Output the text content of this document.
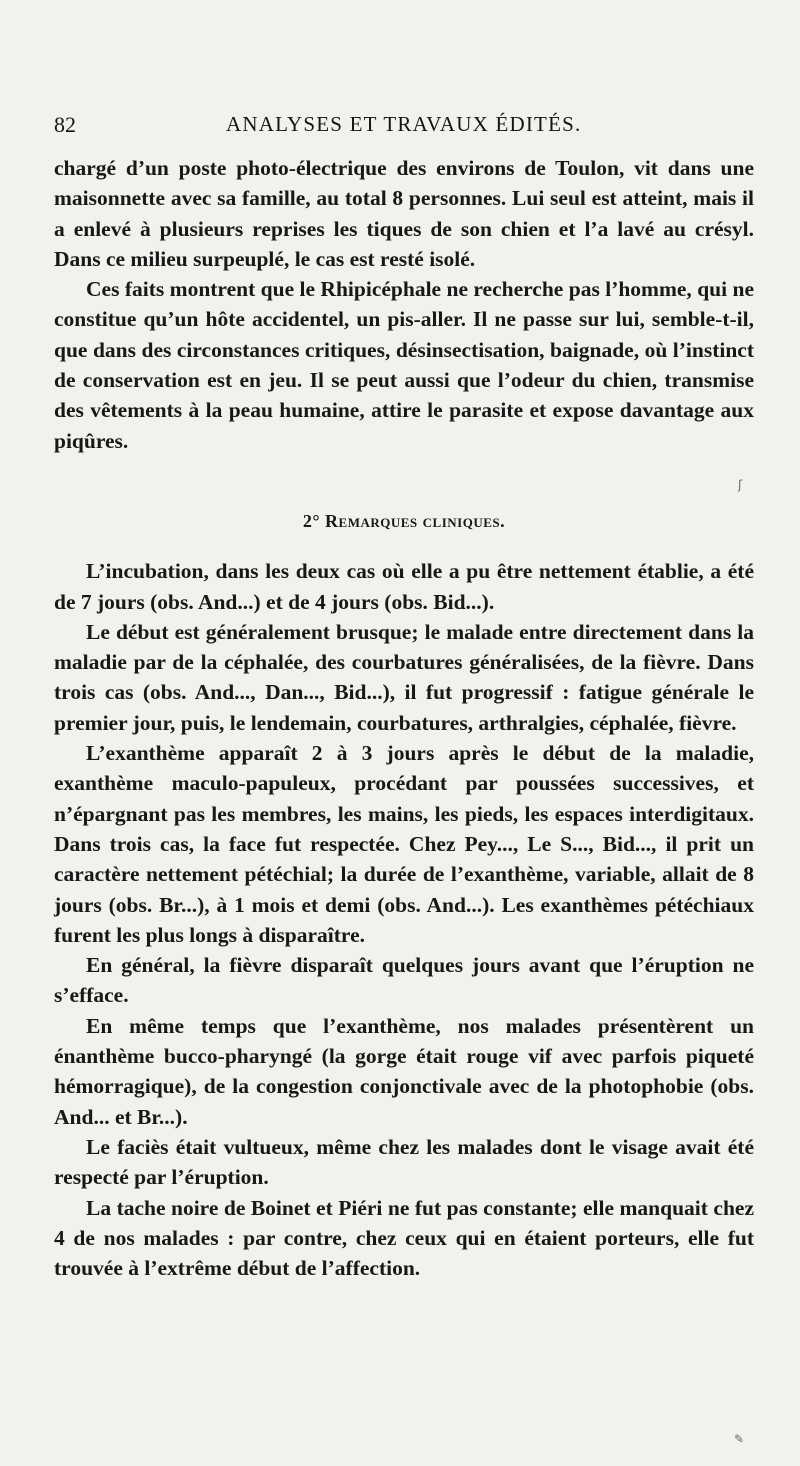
82	ANALYSES ET TRAVAUX ÉDITÉS.

chargé d’un poste photo-électrique des environs de Toulon, vit dans une maisonnette avec sa famille, au total 8 personnes. Lui seul est atteint, mais il a enlevé à plusieurs reprises les tiques de son chien et l’a lavé au crésyl. Dans ce milieu surpeuplé, le cas est resté isolé.

Ces faits montrent que le Rhipicéphale ne recherche pas l’homme, qui ne constitue qu’un hôte accidentel, un pis-aller. Il ne passe sur lui, semble-t-il, que dans des circonstances critiques, désinsectisation, baignade, où l’instinct de conservation est en jeu. Il se peut aussi que l’odeur du chien, transmise des vêtements à la peau humaine, attire le parasite et expose davantage aux piqûres.

2° Remarques cliniques.

L’incubation, dans les deux cas où elle a pu être nettement établie, a été de 7 jours (obs. And...) et de 4 jours (obs. Bid...).

Le début est généralement brusque; le malade entre directement dans la maladie par de la céphalée, des courbatures généralisées, de la fièvre. Dans trois cas (obs. And..., Dan..., Bid...), il fut progressif : fatigue générale le premier jour, puis, le lendemain, courbatures, arthralgies, céphalée, fièvre.

L’exanthème apparaît 2 à 3 jours après le début de la maladie, exanthème maculo-papuleux, procédant par poussées successives, et n’épargnant pas les membres, les mains, les pieds, les espaces interdigitaux. Dans trois cas, la face fut respectée. Chez Pey..., Le S..., Bid..., il prit un caractère nettement pétéchial; la durée de l’exanthème, variable, allait de 8 jours (obs. Br...), à 1 mois et demi (obs. And...). Les exanthèmes pétéchiaux furent les plus longs à disparaître.

En général, la fièvre disparaît quelques jours avant que l’éruption ne s’efface.

En même temps que l’exanthème, nos malades présentèrent un énanthème bucco-pharyngé (la gorge était rouge vif avec parfois piqueté hémorragique), de la congestion conjonctivale avec de la photophobie (obs. And... et Br...).

Le faciès était vultueux, même chez les malades dont le visage avait été respecté par l’éruption.

La tache noire de Boinet et Piéri ne fut pas constante; elle manquait chez 4 de nos malades : par contre, chez ceux qui en étaient porteurs, elle fut trouvée à l’extrême début de l’affection.

ʃ
✎
